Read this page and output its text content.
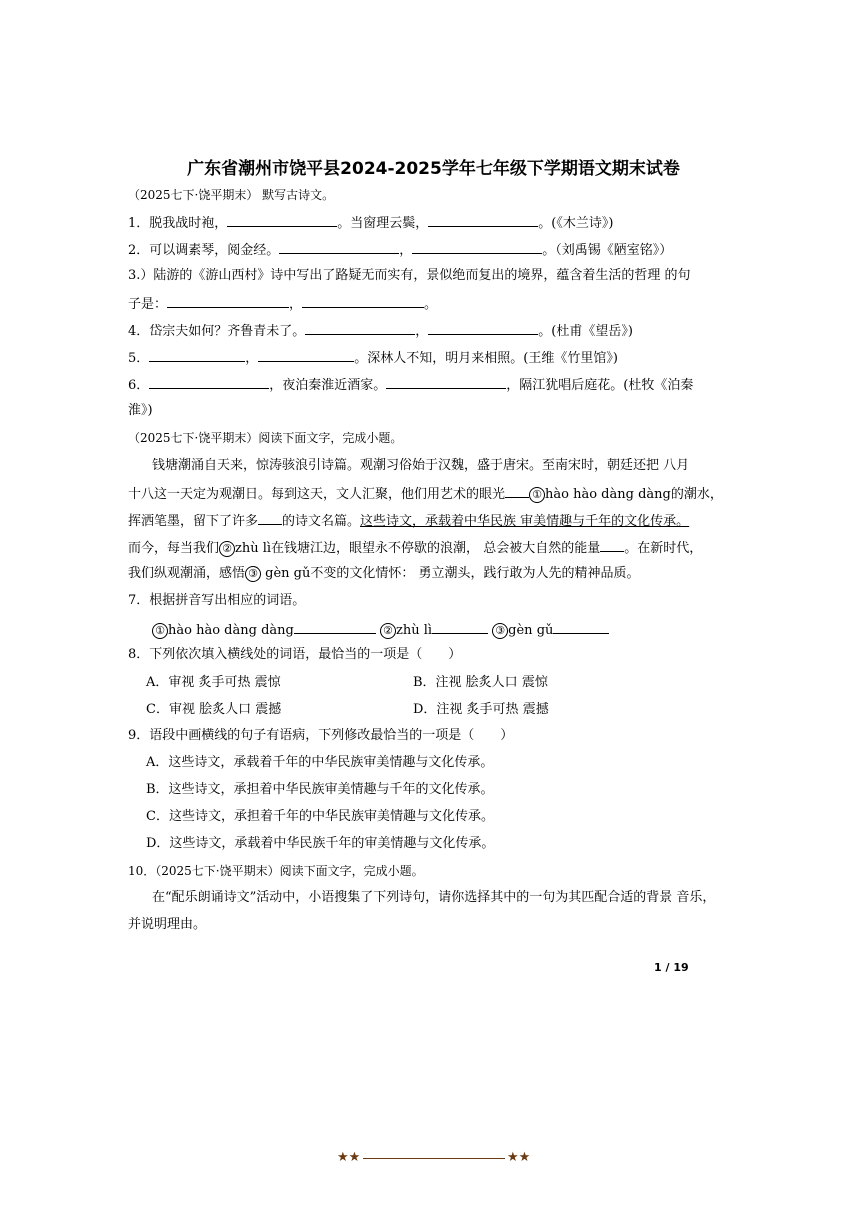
广东省潮州市饶平县2024-2025学年七年级下学期语文期末试卷
（2025七下·饶平期末） 默写古诗文。
1．脱我战时袍，	。当窗理云鬓，	。(《木兰诗》)
2．可以调素琴，阅金经。	，	。（刘禹锡《陋室铭》）
3.）陆游的《游山西村》诗中写出了路疑无而实有，景似绝而复出的境界，蕴含着生活的哲理 的句
子是：	，	。
4．岱宗夫如何？齐鲁青未了。	，	。(杜甫《望岳》)
5．	，	。深林人不知，明月来相照。(王维《竹里馆》)
6．	，夜泊秦淮近酒家。	，隔江犹唱后庭花。(杜牧《泊秦
淮》)
（2025七下·饶平期末）阅读下面文字，完成小题。
钱塘潮涌自天来，惊涛骇浪引诗篇。观潮习俗始于汉魏，盛于唐宋。至南宋时，朝廷还把 八月
十八这一天定为观潮日。每到这天，文人汇聚，他们用艺术的眼光 ① hào hào dàng dàng的潮水，
挥洒笔墨，留下了许多 的诗文名篇。这些诗文，承载着中华民族 审美情趣与千年的文化传承。
而今，每当我们 ② zhù lì在钱塘江边，眼望永不停歇的浪潮， 总会被大自然的能量 。在新时代，
我们纵观潮涌，感悟 ③ gèn gǔ不变的文化情怀： 勇立潮头，践行敢为人先的精神品质。
7．根据拼音写出相应的词语。
① hào hào dàng dàng	② zhù lì	③ gèn gǔ
8．下列依次填入横线处的词语，最恰当的一项是（　　）
A．审视 炙手可热 震惊	B．注视 脍炙人口 震惊
C．审视 脍炙人口 震撼	D．注视 炙手可热 震撼
9．语段中画横线的句子有语病，下列修改最恰当的一项是（　　）
A．这些诗文，承载着千年的中华民族审美情趣与文化传承。
B．这些诗文，承担着中华民族审美情趣与千年的文化传承。
C．这些诗文，承担着千年的中华民族审美情趣与文化传承。
D．这些诗文，承载着中华民族千年的审美情趣与文化传承。
10．（2025七下·饶平期末）阅读下面文字，完成小题。
在“配乐朗诵诗文”活动中，小语搜集了下列诗句，请你选择其中的一句为其匹配合适的背景 音乐，
并说明理由。
1 / 19
★★	★★
